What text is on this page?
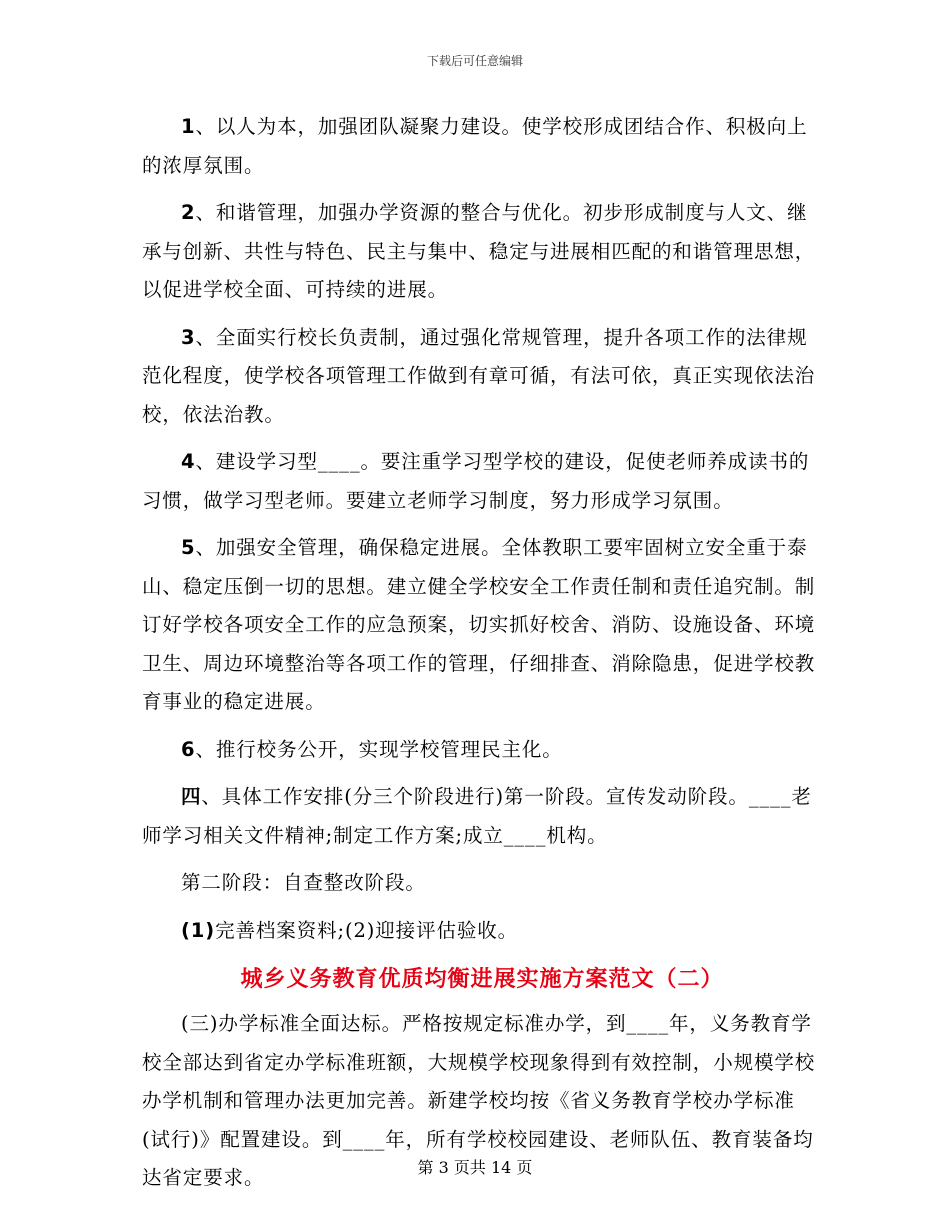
下载后可任意编辑

1、以人为本，加强团队凝聚力建设。使学校形成团结合作、积极向上的浓厚氛围。

2、和谐管理，加强办学资源的整合与优化。初步形成制度与人文、继承与创新、共性与特色、民主与集中、稳定与进展相匹配的和谐管理思想，以促进学校全面、可持续的进展。

3、全面实行校长负责制，通过强化常规管理，提升各项工作的法律规范化程度，使学校各项管理工作做到有章可循，有法可依，真正实现依法治校，依法治教。

4、建设学习型____。要注重学习型学校的建设，促使老师养成读书的习惯，做学习型老师。要建立老师学习制度，努力形成学习氛围。

5、加强安全管理，确保稳定进展。全体教职工要牢固树立安全重于泰山、稳定压倒一切的思想。建立健全学校安全工作责任制和责任追究制。制订好学校各项安全工作的应急预案，切实抓好校舍、消防、设施设备、环境卫生、周边环境整治等各项工作的管理，仔细排查、消除隐患，促进学校教育事业的稳定进展。

6、推行校务公开，实现学校管理民主化。

四、具体工作安排(分三个阶段进行)第一阶段。宣传发动阶段。____老师学习相关文件精神;制定工作方案;成立____机构。

第二阶段：自查整改阶段。

(1)完善档案资料;(2)迎接评估验收。

城乡义务教育优质均衡进展实施方案范文（二）

(三)办学标准全面达标。严格按规定标准办学，到____年，义务教育学校全部达到省定办学标准班额，大规模学校现象得到有效控制，小规模学校办学机制和管理办法更加完善。新建学校均按《省义务教育学校办学标准(试行)》配置建设。到____年，所有学校校园建设、老师队伍、教育装备均达省定要求。	第 3 页共 14 页
